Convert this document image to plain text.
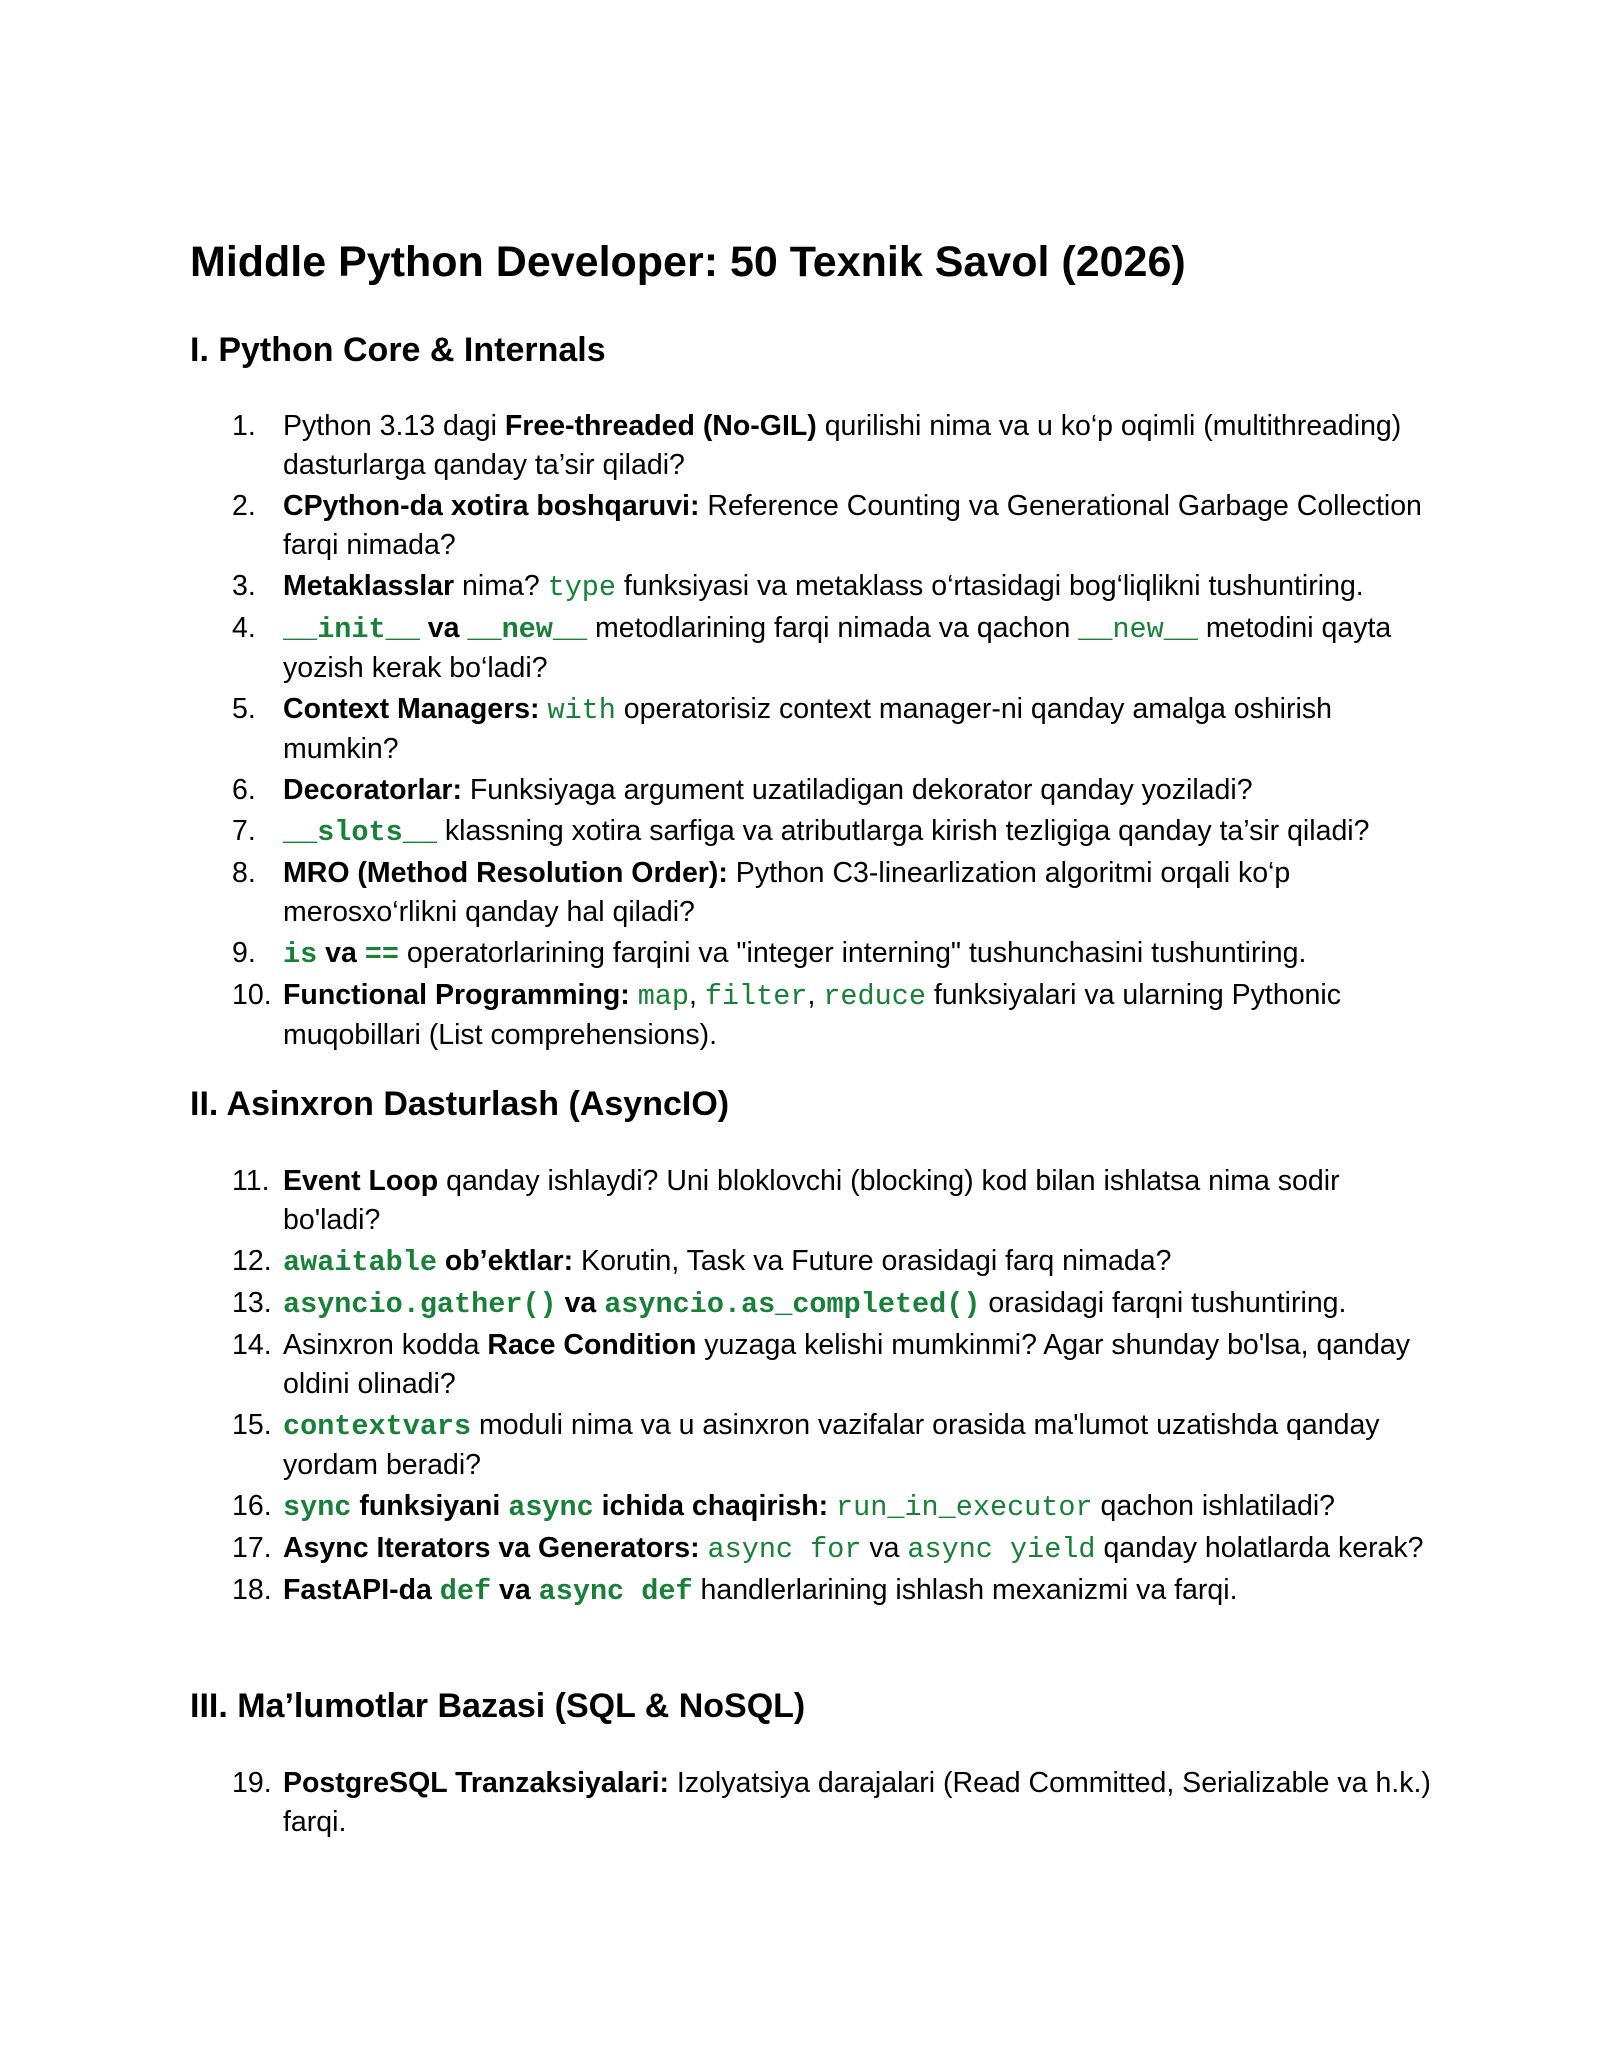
Middle Python Developer: 50 Texnik Savol (2026)
I. Python Core & Internals
1. Python 3.13 dagi Free-threaded (No-GIL) qurilishi nima va u ko‘p oqimli (multithreading) dasturlarga qanday ta’sir qiladi?
2. CPython-da xotira boshqaruvi: Reference Counting va Generational Garbage Collection farqi nimada?
3. Metaklasslar nima? type funksiyasi va metaklass o‘rtasidagi bog‘liqlikni tushuntiring.
4. __init__ va __new__ metodlarining farqi nimada va qachon __new__ metodini qayta yozish kerak bo‘ladi?
5. Context Managers: with operatorisiz context manager-ni qanday amalga oshirish mumkin?
6. Decoratorlar: Funksiyaga argument uzatiladigan dekorator qanday yoziladi?
7. __slots__ klassning xotira sarfiga va atributlarga kirish tezligiga qanday ta’sir qiladi?
8. MRO (Method Resolution Order): Python C3-linearlization algoritmi orqali ko‘p merosxo‘rlikni qanday hal qiladi?
9. is va == operatorlarining farqini va "integer interning" tushunchasini tushuntiring.
10. Functional Programming: map, filter, reduce funksiyalari va ularning Pythonic muqobillari (List comprehensions).
II. Asinxron Dasturlash (AsyncIO)
11. Event Loop qanday ishlaydi? Uni bloklovchi (blocking) kod bilan ishlatsa nima sodir bo'ladi?
12. awaitable ob’ektlar: Korutin, Task va Future orasidagi farq nimada?
13. asyncio.gather() va asyncio.as_completed() orasidagi farqni tushuntiring.
14. Asinxron kodda Race Condition yuzaga kelishi mumkinmi? Agar shunday bo'lsa, qanday oldini olinadi?
15. contextvars moduli nima va u asinxron vazifalar orasida ma'lumot uzatishda qanday yordam beradi?
16. sync funksiyani async ichida chaqirish: run_in_executor qachon ishlatiladi?
17. Async Iterators va Generators: async for va async yield qanday holatlarda kerak?
18. FastAPI-da def va async def handlerlarining ishlash mexanizmi va farqi.
III. Ma’lumotlar Bazasi (SQL & NoSQL)
19. PostgreSQL Tranzaksiyalari: Izolyatsiya darajalari (Read Committed, Serializable va h.k.) farqi.
